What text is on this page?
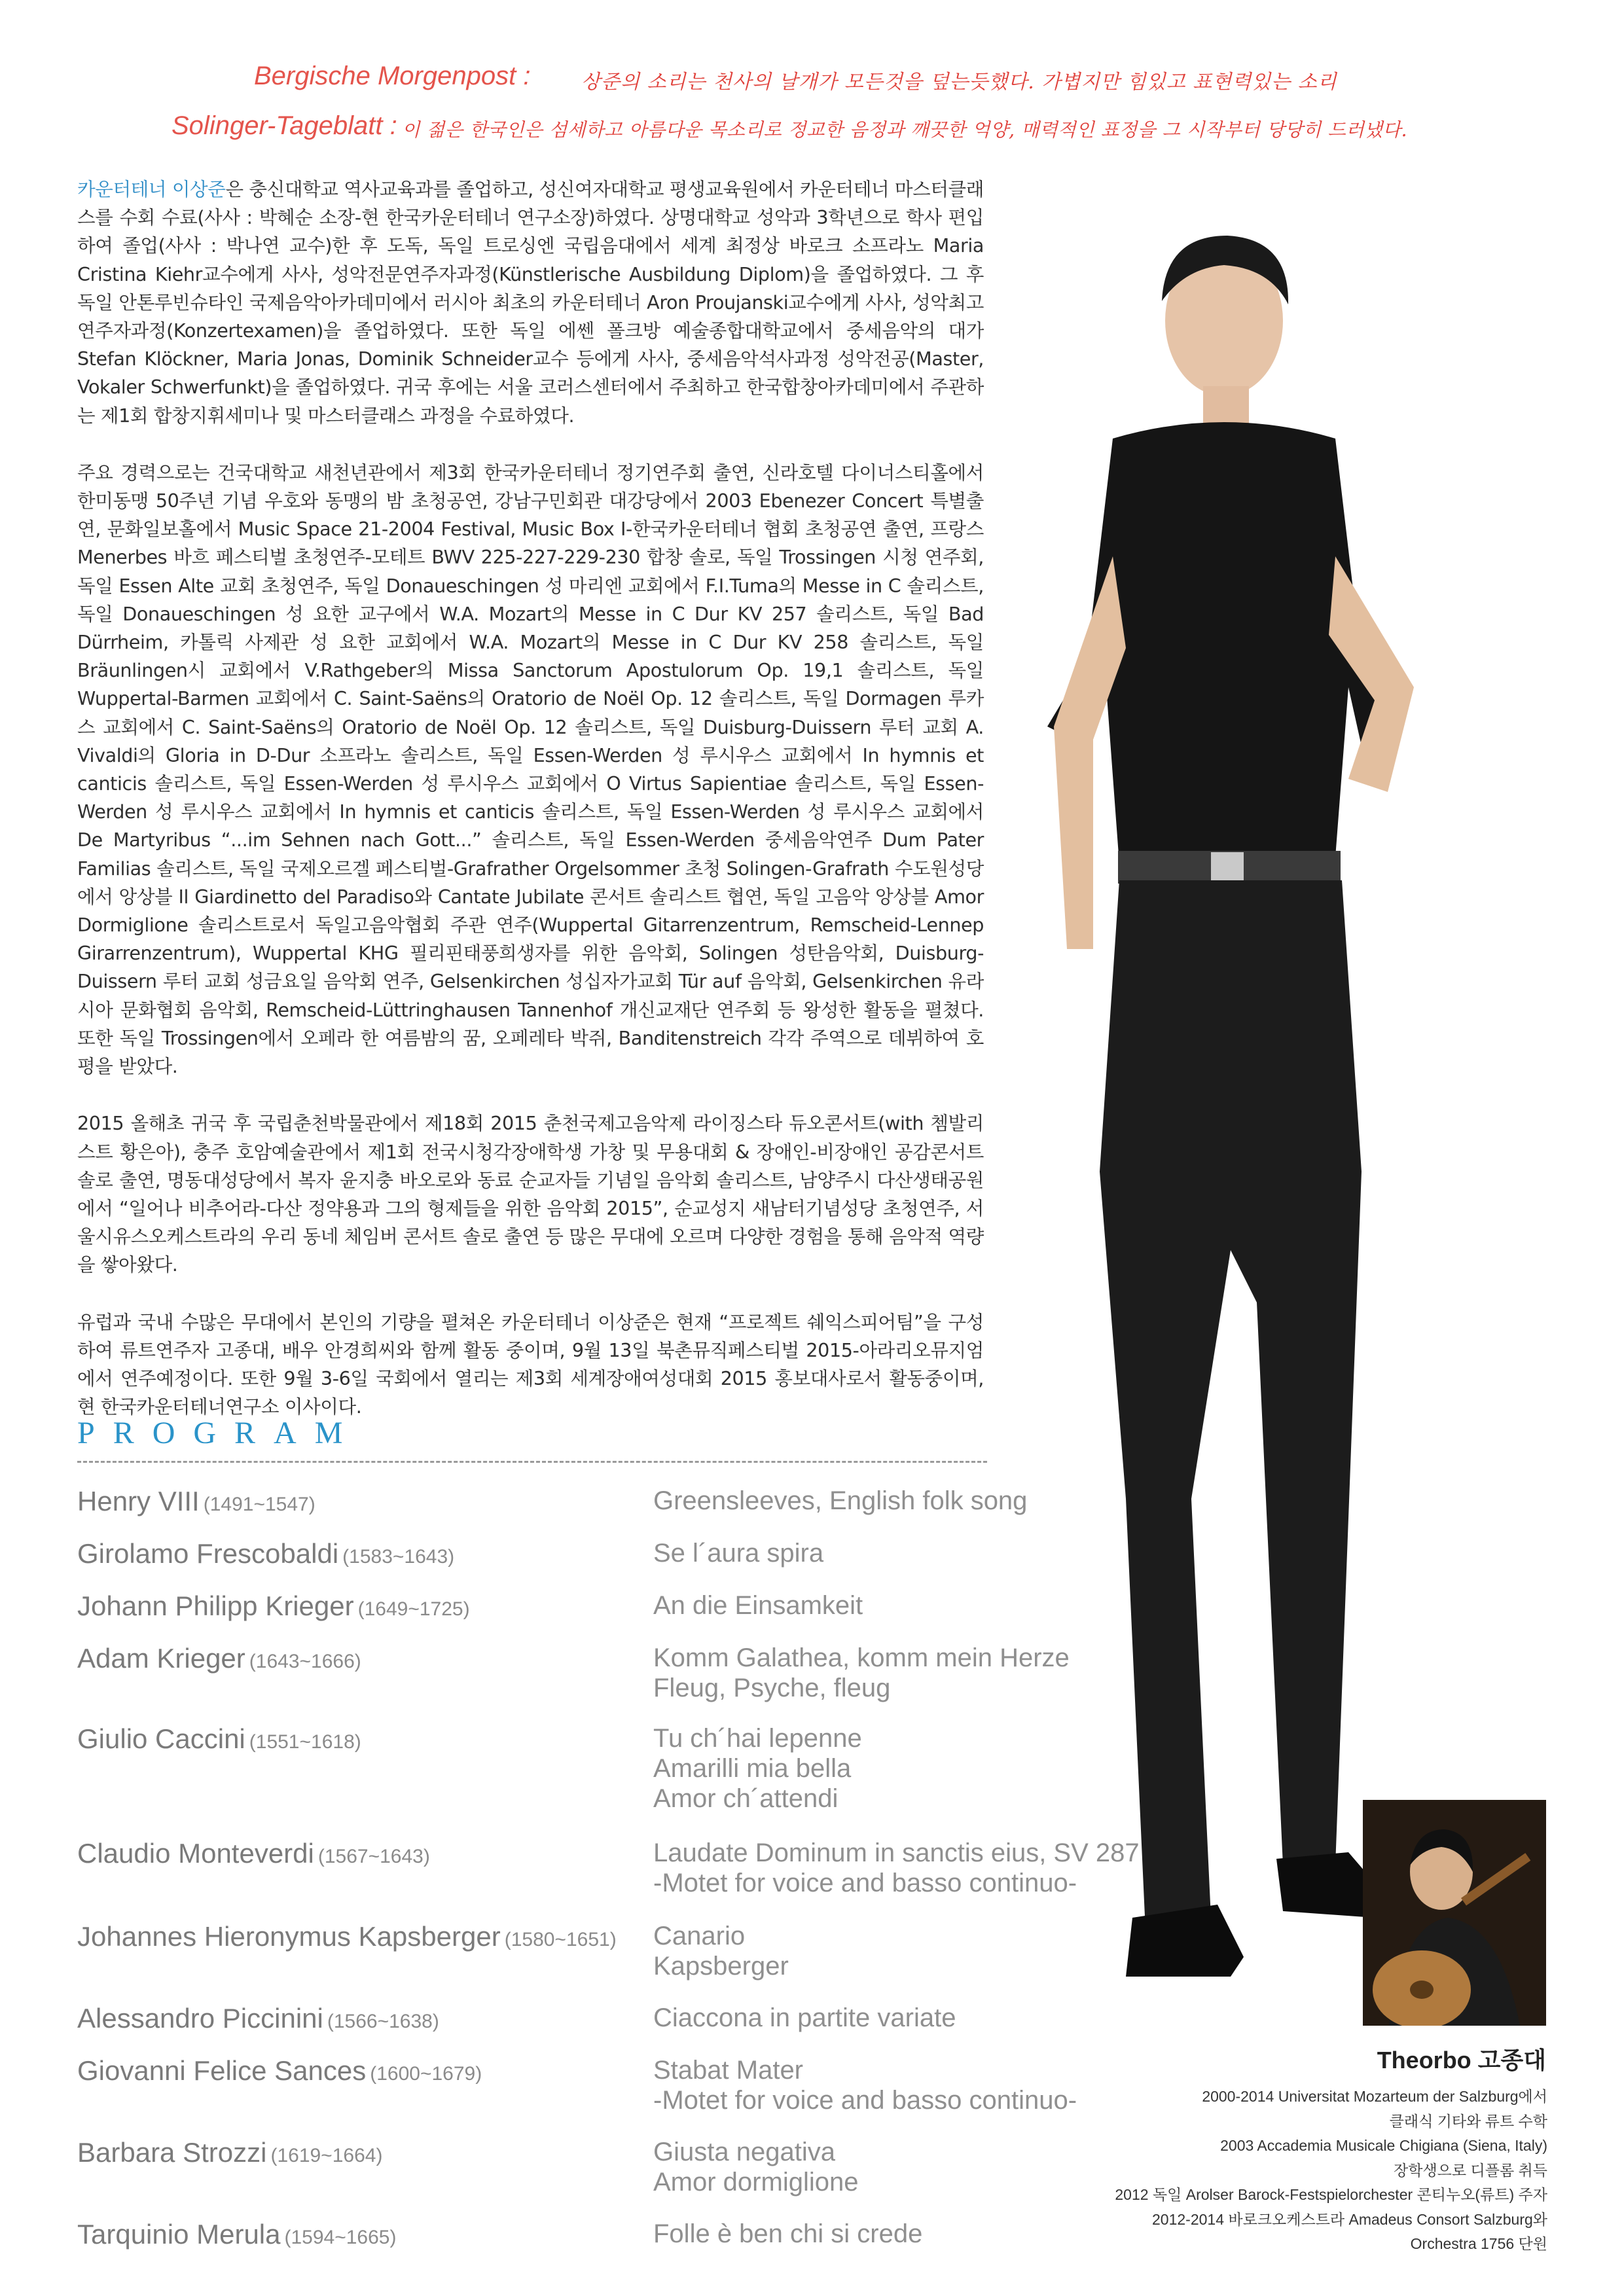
Bergische Morgenpost :	상준의 소리는 천사의 날개가 모든것을 덮는듯했다. 가볍지만 힘있고 표현력있는 소리
Solinger-Tageblatt : 이 젊은 한국인은 섬세하고 아름다운 목소리로 정교한 음정과 깨끗한 억양, 매력적인 표정을 그 시작부터 당당히 드러냈다.

카운터테너 이상준은 충신대학교 역사교육과를 졸업하고, 성신여자대학교 평생교육원에서 카운터테너 마스터클래스를 수회 수료(사사 : 박혜순 소장-현 한국카운터테너 연구소장)하였다. 상명대학교 성악과 3학년으로 학사 편입하여 졸업(사사 : 박나연 교수)한 후 도독, 독일 트로싱엔 국립음대에서 세계 최정상 바로크 소프라노 Maria Cristina Kiehr교수에게 사사, 성악전문연주자과정(Künstlerische Ausbildung Diplom)을 졸업하였다. 그 후 독일 안톤루빈슈타인 국제음악아카데미에서 러시아 최초의 카운터테너 Aron Proujanski교수에게 사사, 성악최고연주자과정(Konzertexamen)을 졸업하였다. 또한 독일 에쎈 폴크방 예술종합대학교에서 중세음악의 대가 Stefan Klöckner, Maria Jonas, Dominik Schneider교수 등에게 사사, 중세음악석사과정 성악전공(Master, Vokaler Schwerfunkt)을 졸업하였다. 귀국 후에는 서울 코러스센터에서 주최하고 한국합창아카데미에서 주관하는 제1회 합창지휘세미나 및 마스터클래스 과정을 수료하였다.

주요 경력으로는 건국대학교 새천년관에서 제3회 한국카운터테너 정기연주회 출연, 신라호텔 다이너스티홀에서 한미동맹 50주년 기념 우호와 동맹의 밤 초청공연, 강남구민회관 대강당에서 2003 Ebenezer Concert 특별출연, 문화일보홀에서 Music Space 21-2004 Festival, Music Box I-한국카운터테너 협회 초청공연 출연, 프랑스 Menerbes 바흐 페스티벌 초청연주-모테트 BWV 225-227-229-230 합창 솔로, 독일 Trossingen 시청 연주회, 독일 Essen Alte 교회 초청연주, 독일 Donaueschingen 성 마리엔 교회에서 F.I.Tuma의 Messe in C 솔리스트, 독일 Donaueschingen 성 요한 교구에서 W.A. Mozart의 Messe in C Dur KV 257 솔리스트, 독일 Bad Dürrheim, 카톨릭 사제관 성 요한 교회에서 W.A. Mozart의 Messe in C Dur KV 258 솔리스트, 독일 Bräunlingen시 교회에서 V.Rathgeber의 Missa Sanctorum Apostulorum Op. 19,1 솔리스트, 독일 Wuppertal-Barmen 교회에서 C. Saint-Saëns의 Oratorio de Noël Op. 12 솔리스트, 독일 Dormagen 루카스 교회에서 C. Saint-Saëns의 Oratorio de Noël Op. 12 솔리스트, 독일 Duisburg-Duissern 루터 교회 A. Vivaldi의 Gloria in D-Dur 소프라노 솔리스트, 독일 Essen-Werden 성 루시우스 교회에서 In hymnis et canticis 솔리스트, 독일 Essen-Werden 성 루시우스 교회에서 O Virtus Sapientiae 솔리스트, 독일 Essen-Werden 성 루시우스 교회에서 In hymnis et canticis 솔리스트, 독일 Essen-Werden 성 루시우스 교회에서 De Martyribus “...im Sehnen nach Gott...” 솔리스트, 독일 Essen-Werden 중세음악연주 Dum Pater Familias 솔리스트, 독일 국제오르겔 페스티벌-Grafrather Orgelsommer 초청 Solingen-Grafrath 수도원성당에서 앙상블 Il Giardinetto del Paradiso와 Cantate Jubilate 콘서트 솔리스트 협연, 독일 고음악 앙상블 Amor Dormiglione 솔리스트로서 독일고음악협회 주관 연주(Wuppertal Gitarrenzentrum, Remscheid-Lennep Girarrenzentrum), Wuppertal KHG 필리핀태풍희생자를 위한 음악회, Solingen 성탄음악회, Duisburg-Duissern 루터 교회 성금요일 음악회 연주, Gelsenkirchen 성십자가교회 Tür auf 음악회, Gelsenkirchen 유라시아 문화협회 음악회, Remscheid-Lüttringhausen Tannenhof 개신교재단 연주회 등 왕성한 활동을 펼쳤다. 또한 독일 Trossingen에서 오페라 한 여름밤의 꿈, 오페레타 박쥐, Banditenstreich 각각 주역으로 데뷔하여 호평을 받았다.

2015 올해초 귀국 후 국립춘천박물관에서 제18회 2015 춘천국제고음악제 라이징스타 듀오콘서트(with 쳄발리스트 황은아), 충주 호암예술관에서 제1회 전국시청각장애학생 가창 및 무용대회 & 장애인-비장애인 공감콘서트 솔로 출연, 명동대성당에서 복자 윤지충 바오로와 동료 순교자들 기념일 음악회 솔리스트, 남양주시 다산생태공원에서 “일어나 비추어라-다산 정약용과 그의 형제들을 위한 음악회 2015”, 순교성지 새남터기념성당 초청연주, 서울시유스오케스트라의 우리 동네 체임버 콘서트 솔로 출연 등 많은 무대에 오르며 다양한 경험을 통해 음악적 역량을 쌓아왔다.

유럽과 국내 수많은 무대에서 본인의 기량을 펼쳐온 카운터테너 이상준은 현재 “프로젝트 쉐익스피어팀”을 구성하여 류트연주자 고종대, 배우 안경희씨와 함께 활동 중이며, 9월 13일 북촌뮤직페스티벌 2015-아라리오뮤지엄에서 연주예정이다. 또한 9월 3-6일 국회에서 열리는 제3회 세계장애여성대회 2015 홍보대사로서 활동중이며, 현 한국카운터테너연구소 이사이다.

PROGRAM
Henry VIII (1491~1547)	Greensleeves, English folk song
Girolamo Frescobaldi (1583~1643)	Se l´aura spira
Johann Philipp Krieger (1649~1725)	An die Einsamkeit
Adam Krieger (1643~1666)	Komm Galathea, komm mein Herze
Fleug, Psyche, fleug
Giulio Caccini (1551~1618)	Tu ch´hai lepenne
Amarilli mia bella
Amor ch´attendi
Claudio Monteverdi (1567~1643)	Laudate Dominum in sanctis eius, SV 287
-Motet for voice and basso continuo-
Johannes Hieronymus Kapsberger (1580~1651) Canario
Kapsberger
Alessandro Piccinini (1566~1638)	Ciaccona in partite variate
Giovanni Felice Sances (1600~1679)	Stabat Mater
-Motet for voice and basso continuo-
Barbara Strozzi (1619~1664)	Giusta negativa
Amor dormiglione
Tarquinio Merula (1594~1665)	Folle è ben chi si crede
Theorbo 고종대
2000-2014 Universitat Mozarteum der Salzburg에서
클래식 기타와 류트 수학
2003 Accademia Musicale Chigiana (Siena, Italy)
장학생으로 디플롬 취득
2012 독일 Arolser Barock-Festspielorchester 콘티누오(류트) 주자
2012-2014 바로크오케스트라 Amadeus Consort Salzburg와
Orchestra 1756 단원
